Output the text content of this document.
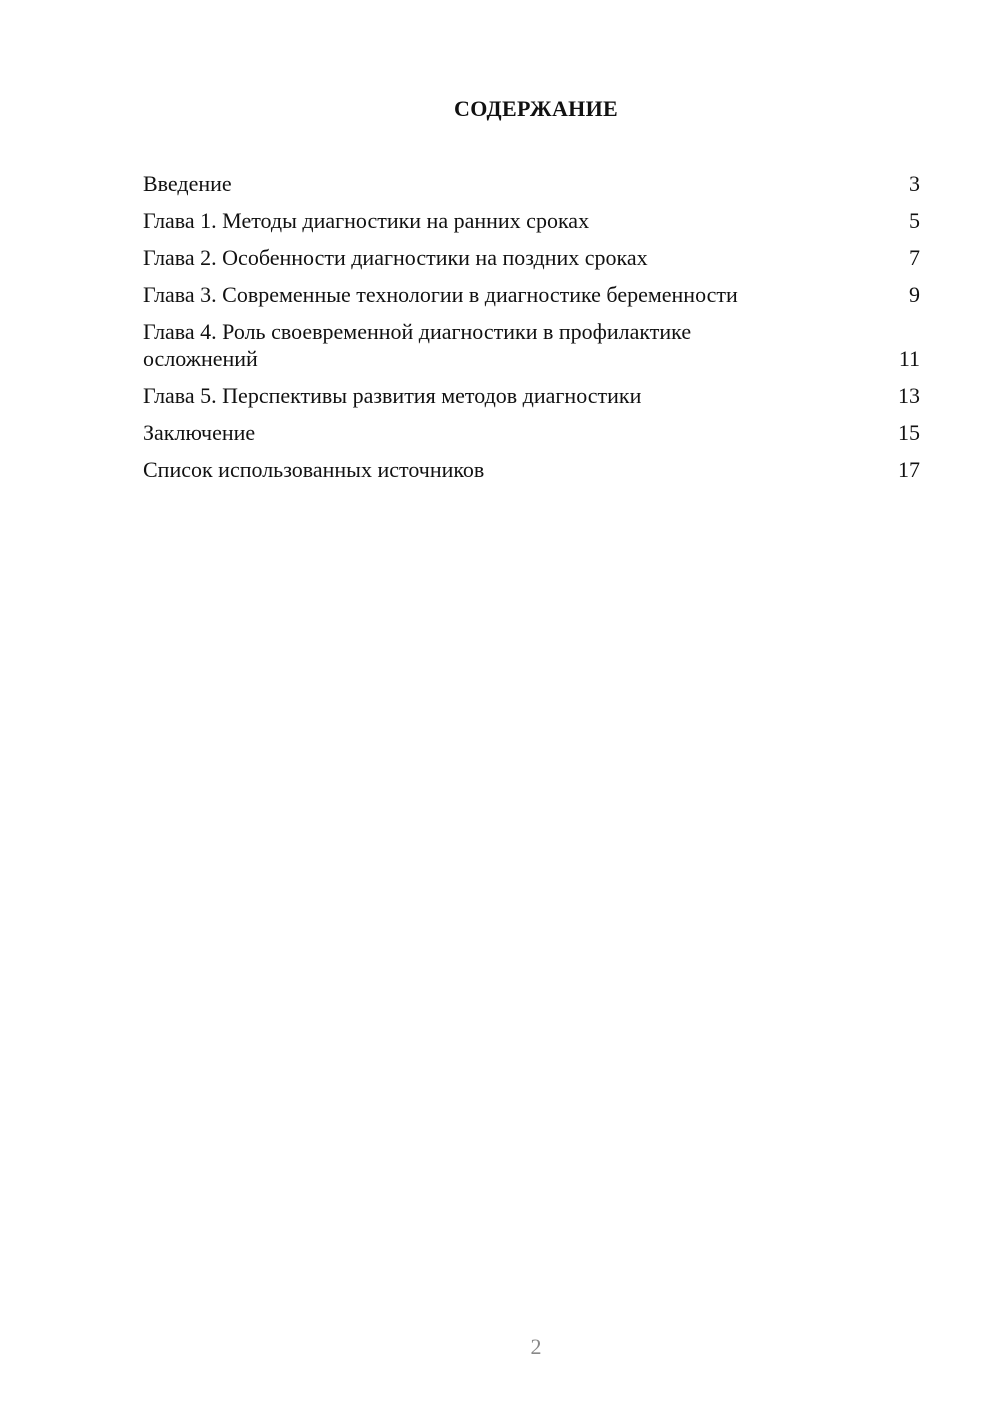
СОДЕРЖАНИЕ
Введение	3
Глава 1. Методы диагностики на ранних сроках	5
Глава 2. Особенности диагностики на поздних сроках	7
Глава 3. Современные технологии в диагностике беременности	9
Глава 4. Роль своевременной диагностики в профилактике осложнений	11
Глава 5. Перспективы развития методов диагностики	13
Заключение	15
Список использованных источников	17
2
